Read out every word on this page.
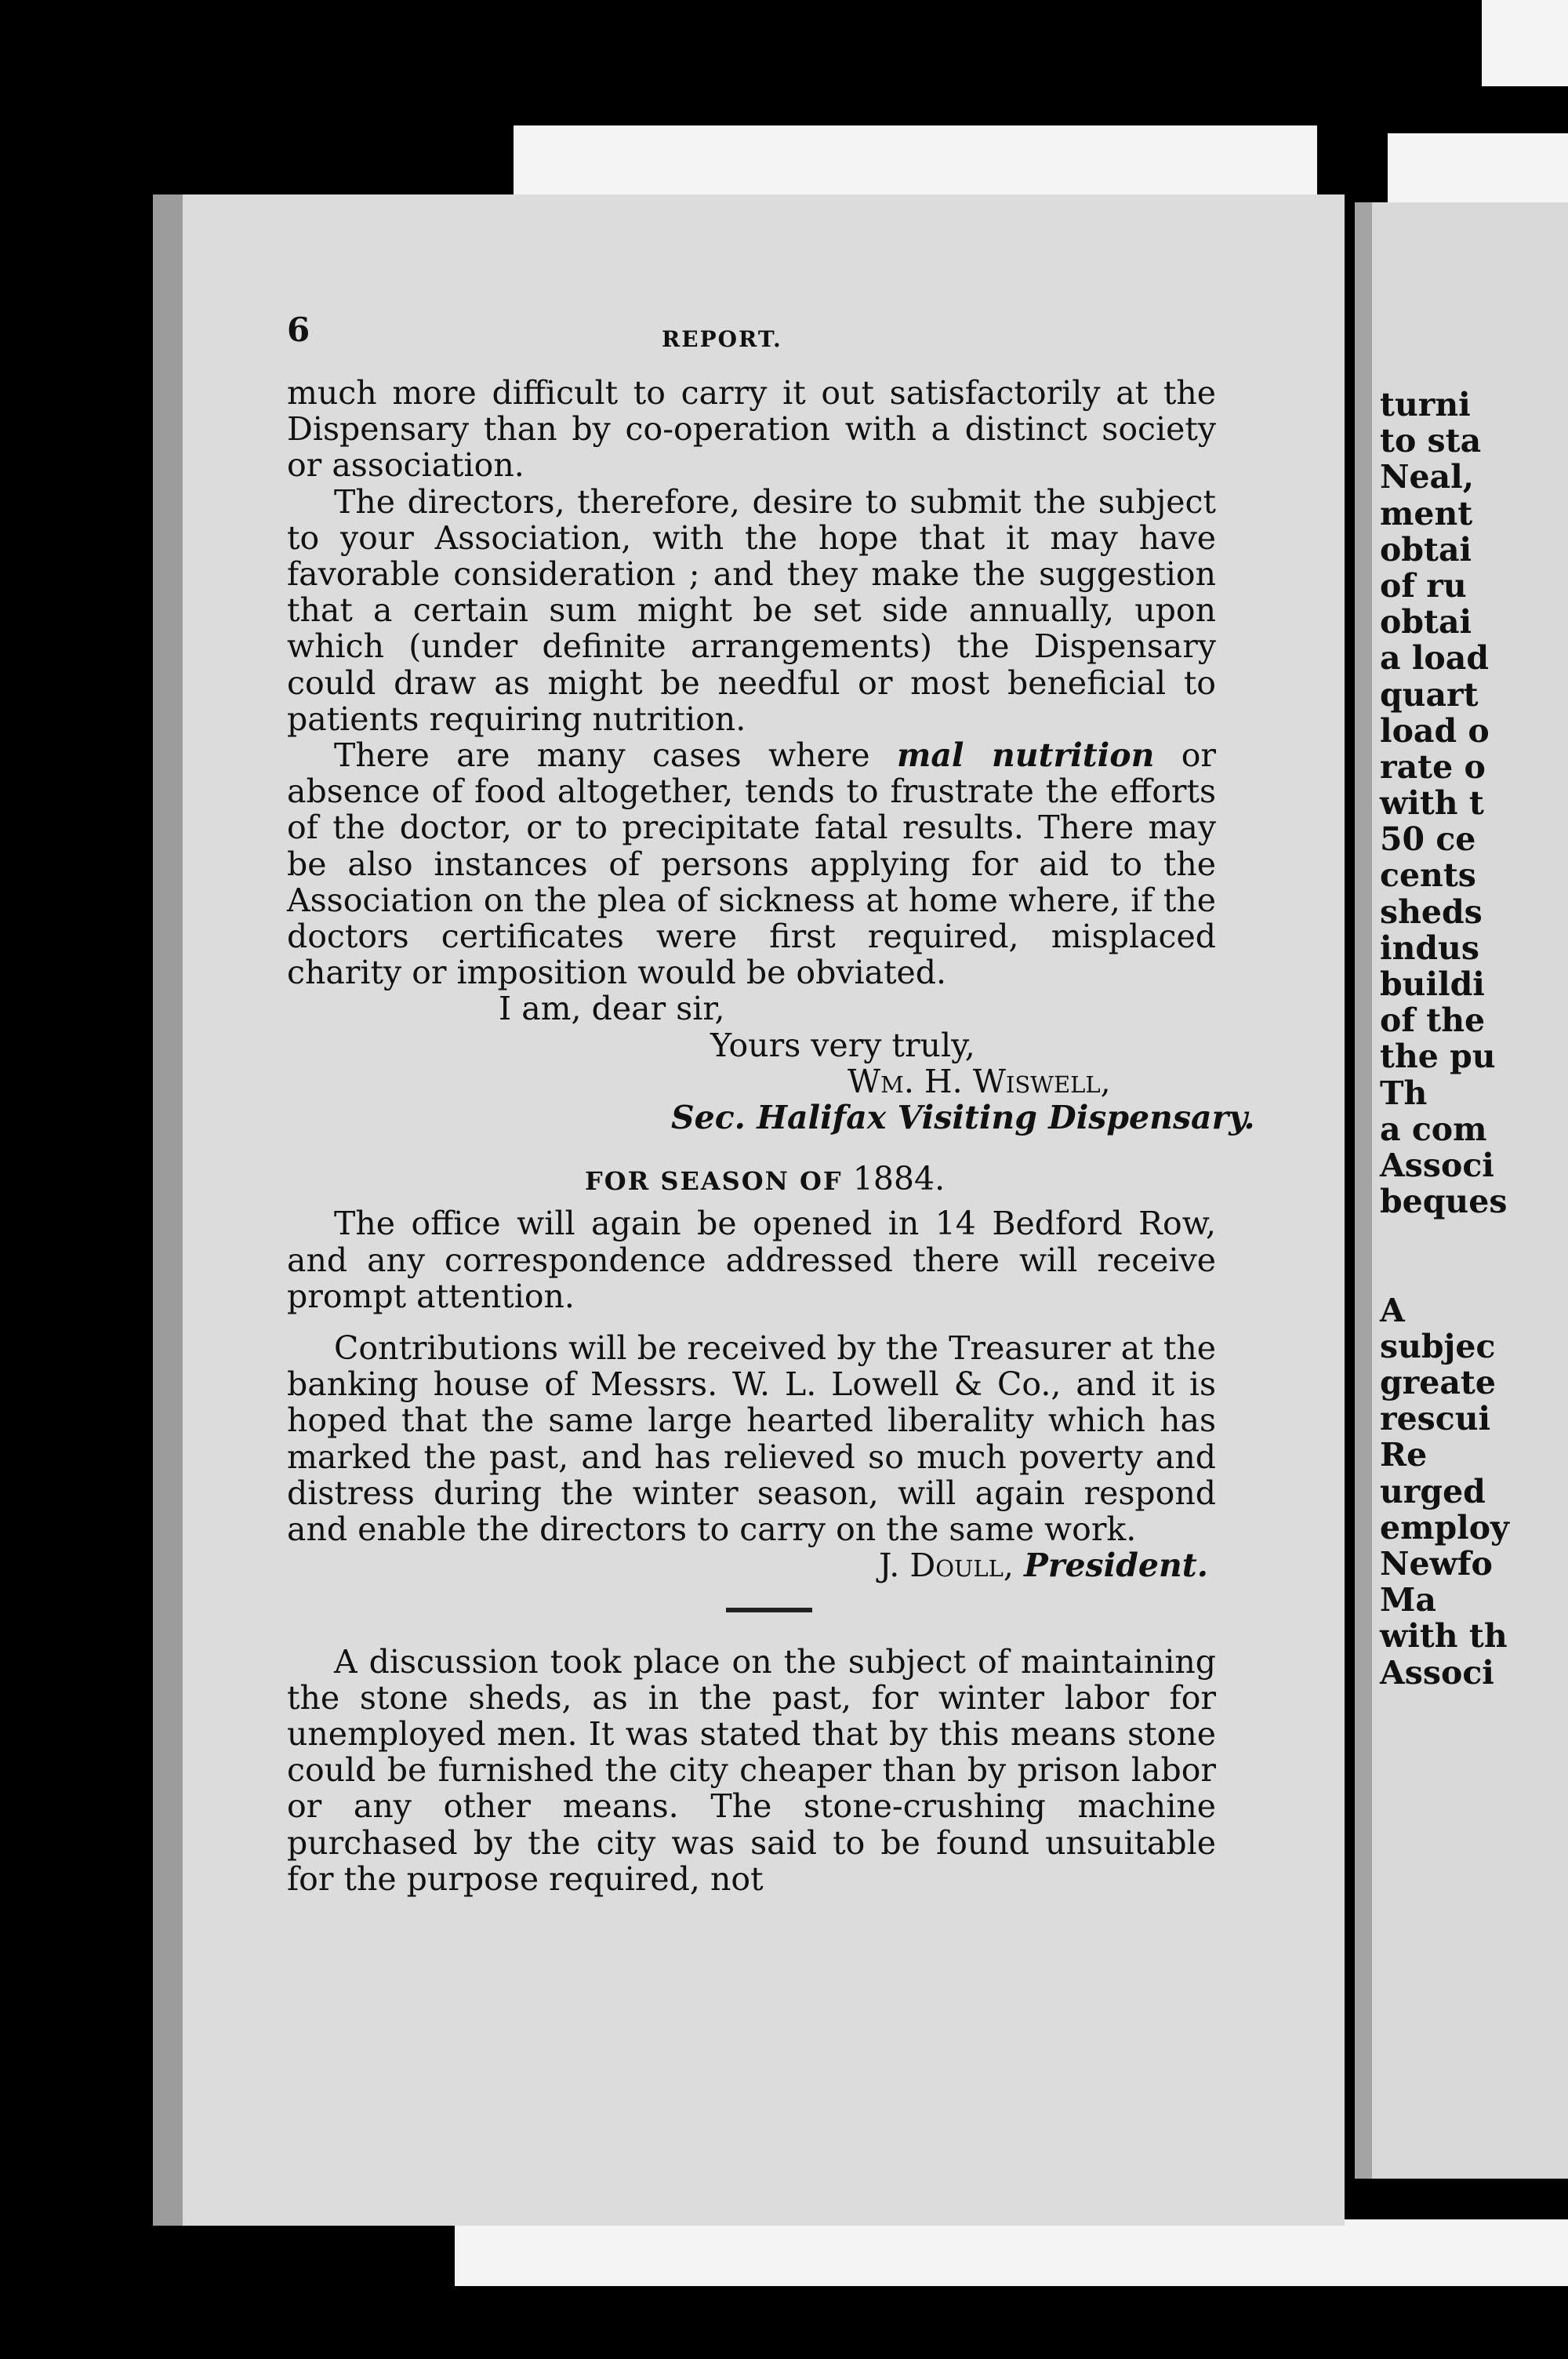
6	REPORT.

much more difficult to carry it out satisfactorily at the Dispensary than by co-operation with a distinct society or association.

The directors, therefore, desire to submit the subject to your Association, with the hope that it may have favorable consideration ; and they make the suggestion that a certain sum might be set side annually, upon which (under definite arrangements) the Dispensary could draw as might be needful or most beneficial to patients requiring nutrition.

There are many cases where mal nutrition or absence of food altogether, tends to frustrate the efforts of the doctor, or to precipitate fatal results. There may be also instances of persons applying for aid to the Association on the plea of sickness at home where, if the doctors certificates were first required, misplaced charity or imposition would be obviated.

I am, dear sir,

Yours very truly,

Wm. H. Wiswell,

Sec. Halifax Visiting Dispensary.

FOR SEASON OF 1884.

The office will again be opened in 14 Bedford Row, and any correspondence addressed there will receive prompt attention.

Contributions will be received by the Treasurer at the banking house of Messrs. W. L. Lowell & Co., and it is hoped that the same large hearted liberality which has marked the past, and has relieved so much poverty and distress during the winter season, will again respond and enable the directors to carry on the same work.

J. Doull, President.

A discussion took place on the subject of maintaining the stone sheds, as in the past, for winter labor for unemployed men. It was stated that by this means stone could be furnished the city cheaper than by prison labor or any other means. The stone-crushing machine purchased by the city was said to be found unsuitable for the purpose required, not

turni
to sta
Neal,
ment
obtai
of ru
obtai
a load
quart
load o
rate o
with t
50 ce
cents
sheds
indus
buildi
of the
the pu
Th
a com
Associ
beques
A
subjec
greate
rescui
Re
urged
employ
Newfo
Ma
with th
Associ
